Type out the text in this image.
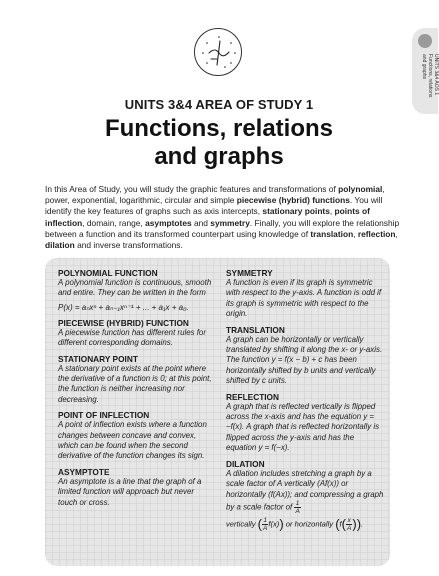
UNITS 3&4 AOS 1
Functions, relations
and graphs
UNITS 3&4 AREA OF STUDY 1
Functions, relations
and graphs

In this Area of Study, you will study the graphic features and transformations of polynomial, power, exponential, logarithmic, circular and simple piecewise (hybrid) functions. You will identify the key features of graphs such as axis intercepts, stationary points, points of inflection, domain, range, asymptotes and symmetry. Finally, you will explore the relationship between a function and its transformed counterpart using knowledge of translation, reflection, dilation and inverse transformations.

POLYNOMIAL FUNCTION

A polynomial function is continuous, smooth and entire. They can be written in the form

P(x) = aₙxⁿ + aₙ₋₁xⁿ⁻¹ + ... + a₁x + a₀.
PIECEWISE (HYBRID) FUNCTION

A piecewise function has different rules for different corresponding domains.

STATIONARY POINT

A stationary point exists at the point where the derivative of a function is 0; at this point, the function is neither increasing nor decreasing.

POINT OF INFLECTION

A point of inflection exists where a function changes between concave and convex, which can be found when the second derivative of the function changes its sign.

ASYMPTOTE

An asymptote is a line that the graph of a limited function will approach but never touch or cross.

SYMMETRY

A function is even if its graph is symmetric with respect to the y-axis. A function is odd if its graph is symmetric with respect to the origin.

TRANSLATION

A graph can be horizontally or vertically translated by shifting it along the x- or y-axis. The function y = f(x − b) + c has been horizontally shifted by b units and vertically shifted by c units.

REFLECTION

A graph that is reflected vertically is flipped across the x-axis and has the equation y = −f(x). A graph that is reflected horizontally is flipped across the y-axis and has the equation y = f(−x).

DILATION

A dilation includes stretching a graph by a scale factor of A vertically (Af(x)) or horizontally (f(Ax)); and compressing a graph by a scale factor of $\frac{1}{A}$

vertically ( $\frac{1}{A} f(x)$) or horizontally ($f( \frac{x}{A}$ )).
